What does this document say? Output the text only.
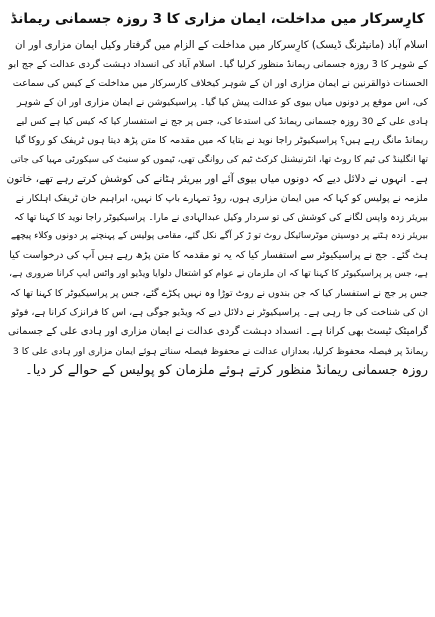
کارِسرکار میں مداخلت، ایمان مزاری کا 3 روزہ جسمانی ریمانڈ
اسلام آباد (مانیٹرنگ ڈیسک) کارِسرکار میں مداخلت کے الزام میں گرفتار وکیل ایمان مزاری اور ان
کے شوہر کا 3 روزہ جسمانی ریمانڈ منظور کرلیا گیا۔ اسلام آباد کی انسداد دہشت گردی عدالت کے جج ابو
الحسنات ذوالقرنین نے ایمان مزاری اور ان کے شوہر کیخلاف کارسرکار میں مداخلت کے کیس کی سماعت
کی، اس موقع پر دونوں میاں بیوی کو عدالت پیش کیا گیا۔ پراسیکیوشن نے ایمان مزاری اور ان کے شوہر
ہادی علی کے 30 روزہ جسمانی ریمانڈ کی استدعا کی، جس پر جج نے استفسار کیا کہ کیس کیا ہے کس لیے
ریمانڈ مانگ رہے ہیں؟ پراسیکیوٹر راجا نوید نے بتایا کہ میں مقدمہ کا متن پڑھ دیتا ہوں ٹریفک کو روکا گیا
تھا انگلینڈ کی ٹیم کا روٹ تھا، انٹرنیشنل کرکٹ ٹیم کی روانگی تھی، ٹیموں کو سنیٹ کی سیکورٹی مہیا کی جاتی
ہے۔ انہوں نے دلائل دیے کہ دونوں میاں بیوی آئے اور بیریئر ہٹانے کی کوشش کرتے رہے تھے، خاتون
ملزمہ نے پولیس کو کہا کہ میں ایمان مزاری ہوں، روڈ تمہارے باپ کا نہیں، ابراہیم خان ٹریفک اہلکار نے
بیریئر زدہ واپس لگانے کی کوشش کی تو سردار وکیل عبدالہادی نے مارا۔ پراسیکیوٹر راجا نوید کا کہنا تھا کہ
بیریئر زدہ ہٹنے پر دوسیتن موٹرسائیکل روٹ تو ڑ کر آگے نکل گئے، مقامی پولیس کے پہنچنے پر دونوں وکلاء پیچھے
ہٹ گئے۔ جج نے پراسیکیوٹر سے استفسار کیا کہ یہ تو مقدمہ کا متن پڑھ رہے ہیں آپ کی درخواست کیا
ہے، جس پر پراسیکیوٹر کا کہنا تھا کہ ان ملزمان نے عوام کو اشتعال دلوایا ویڈیو اور واٹس ایپ کرانا ضروری ہے،
جس پر جج نے استفسار کیا کہ جن بندوں نے روٹ توڑا وہ نہیں پکڑے گئے، جس پر پراسیکیوٹر کا کہنا تھا کہ
ان کی شناخت کی جا رہی ہے۔ پراسیکیوٹر نے دلائل دیے کہ ویڈیو جوگی ہے، اس کا فرانزک کرانا ہے، فوٹو
گرامیٹک ٹیسٹ بھی کرانا ہے۔ انسداد دہشت گردی عدالت نے ایمان مزاری اور ہادی علی کے جسمانی
ریمانڈ پر فیصلہ محفوظ کرلیا، بعدازاں عدالت نے محفوظ فیصلہ سناتے ہوئے ایمان مزاری اور ہادی علی کا 3
روزہ جسمانی ریمانڈ منظور کرتے ہوئے ملزمان کو پولیس کے حوالے کر دیا۔
